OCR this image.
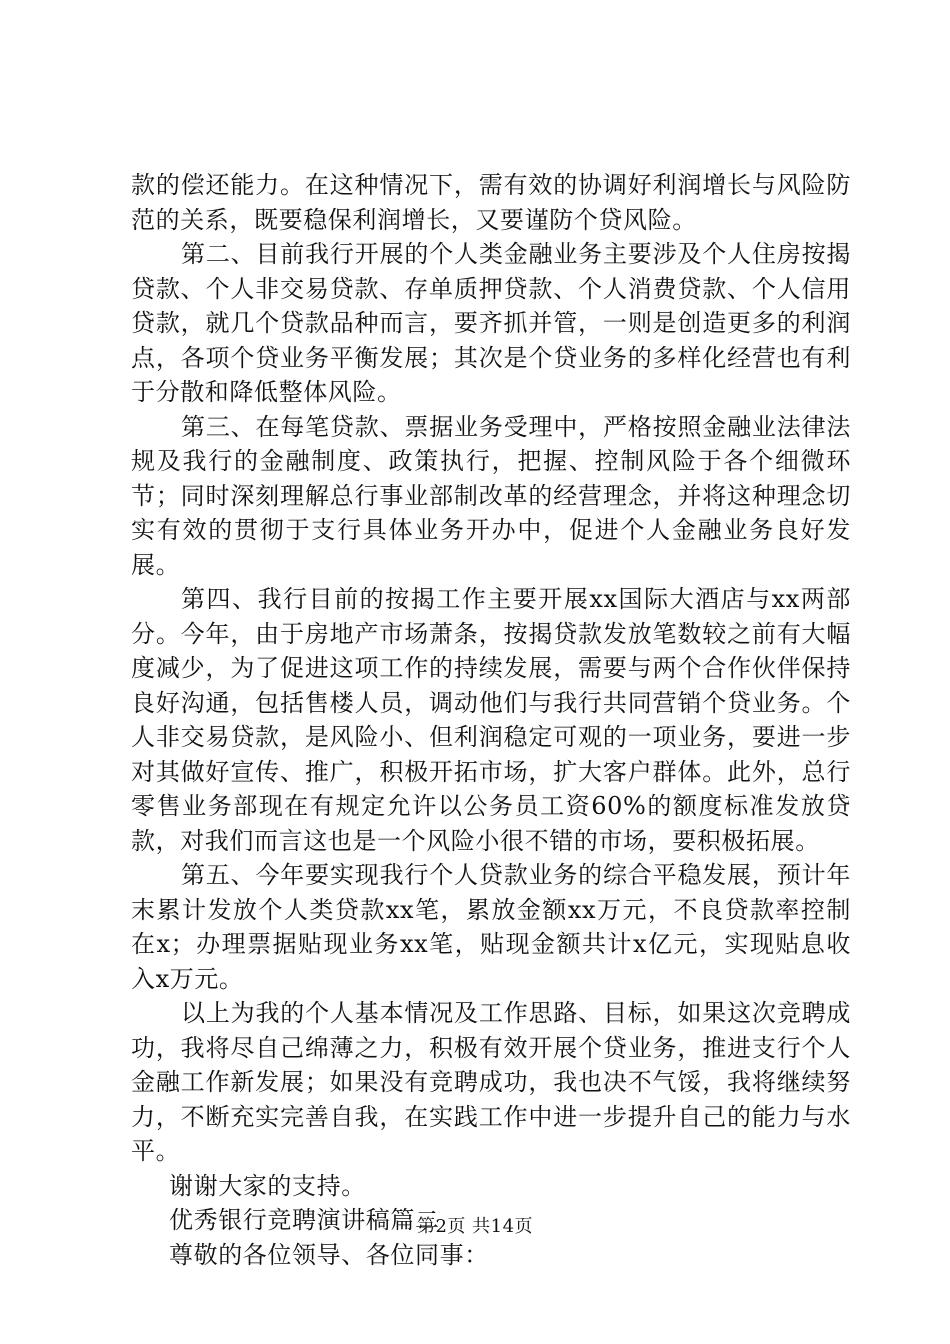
款的偿还能力。在这种情况下，需有效的协调好利润增长与风险防范的关系，既要稳保利润增长，又要谨防个贷风险。

第二、目前我行开展的个人类金融业务主要涉及个人住房按揭贷款、个人非交易贷款、存单质押贷款、个人消费贷款、个人信用贷款，就几个贷款品种而言，要齐抓并管，一则是创造更多的利润点，各项个贷业务平衡发展；其次是个贷业务的多样化经营也有利于分散和降低整体风险。

第三、在每笔贷款、票据业务受理中，严格按照金融业法律法规及我行的金融制度、政策执行，把握、控制风险于各个细微环节；同时深刻理解总行事业部制改革的经营理念，并将这种理念切实有效的贯彻于支行具体业务开办中，促进个人金融业务良好发展。

第四、我行目前的按揭工作主要开展xx国际大酒店与xx两部分。今年，由于房地产市场萧条，按揭贷款发放笔数较之前有大幅度减少，为了促进这项工作的持续发展，需要与两个合作伙伴保持良好沟通，包括售楼人员，调动他们与我行共同营销个贷业务。个人非交易贷款，是风险小、但利润稳定可观的一项业务，要进一步对其做好宣传、推广，积极开拓市场，扩大客户群体。此外，总行零售业务部现在有规定允许以公务员工资60%的额度标准发放贷款，对我们而言这也是一个风险小很不错的市场，要积极拓展。

第五、今年要实现我行个人贷款业务的综合平稳发展，预计年末累计发放个人类贷款xx笔，累放金额xx万元，不良贷款率控制在x；办理票据贴现业务xx笔，贴现金额共计x亿元，实现贴息收入x万元。

以上为我的个人基本情况及工作思路、目标，如果这次竞聘成功，我将尽自己绵薄之力，积极有效开展个贷业务，推进支行个人金融工作新发展；如果没有竞聘成功，我也决不气馁，我将继续努力，不断充实完善自我，在实践工作中进一步提升自己的能力与水平。

谢谢大家的支持。

优秀银行竞聘演讲稿篇二

尊敬的各位领导、各位同事：

第2页 共14页
